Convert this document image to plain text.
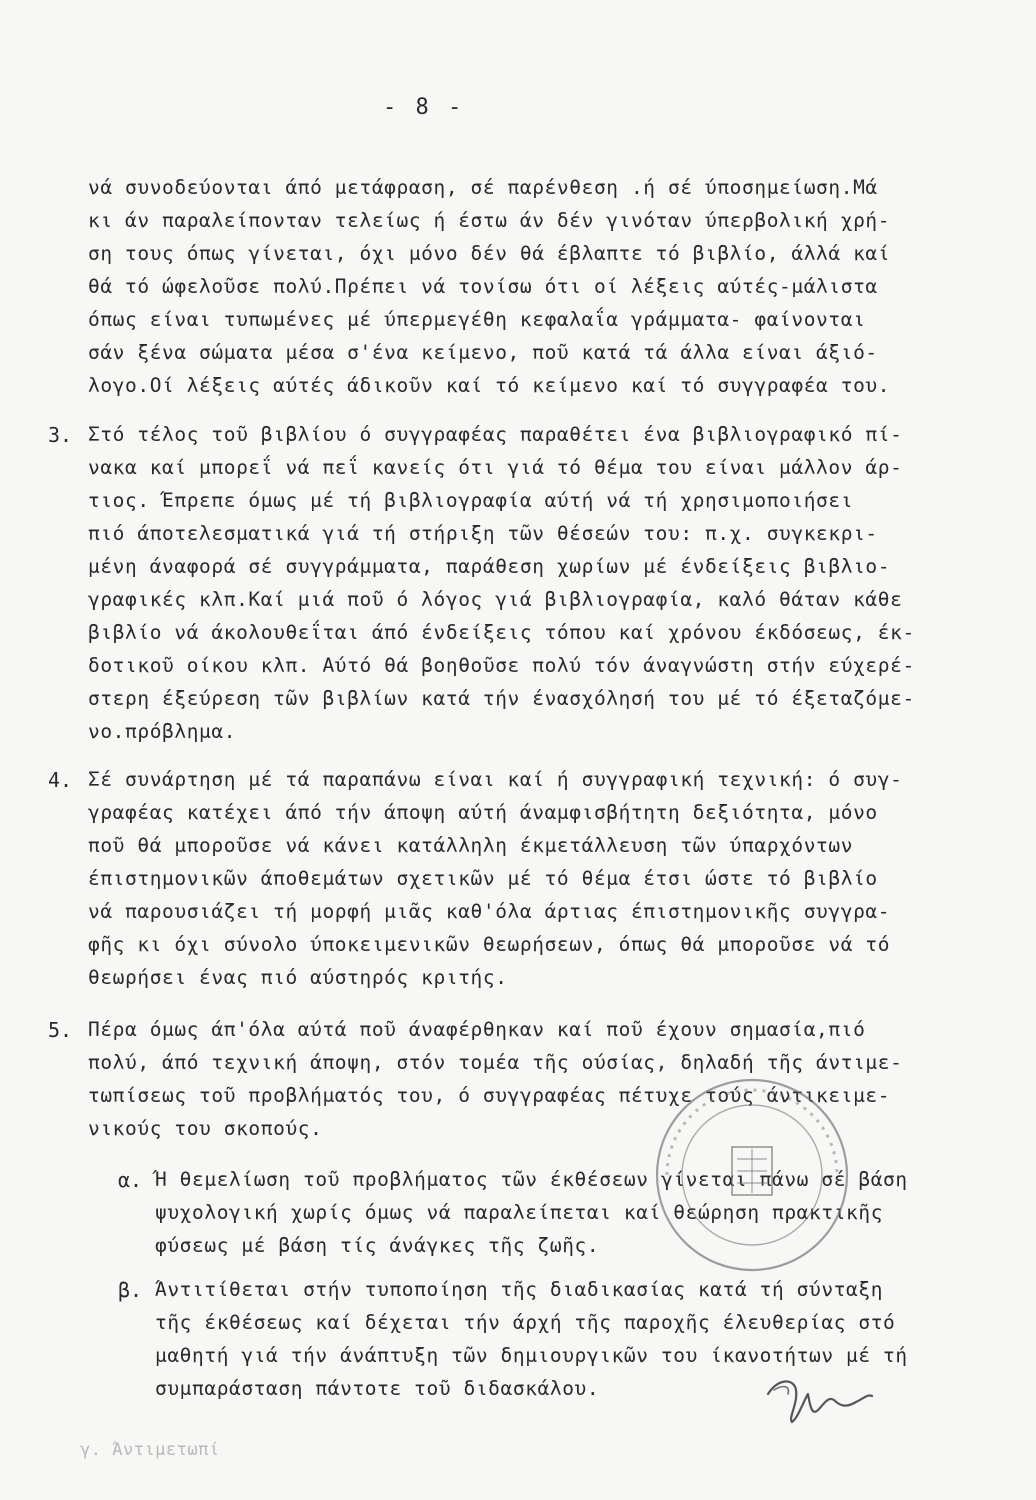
- 8 -
νά συνοδεύονται άπό μετάφραση, σέ παρένθεση .ή σέ ύποσημείωση.Μά
κι άν παραλείπονταν τελείως ή έστω άν δέν γινόταν ύπερβολική χρή-
ση τους όπως γίνεται, όχι μόνο δέν θά έβλαπτε τό βιβλίο, άλλά καί
θά τό ώφελοῦσε πολύ.Πρέπει νά τονίσω ότι οί λέξεις αύτές-μάλιστα
όπως είναι τυπωμένες μέ ύπερμεγέθη κεφαλαΐα γράμματα- φαίνονται
σάν ξένα σώματα μέσα σ'ένα κείμενο, ποῦ κατά τά άλλα είναι άξιό-
λογο.Οί λέξεις αύτές άδικοῦν καί τό κείμενο καί τό συγγραφέα του.
3. Στό τέλος τοῦ βιβλίου ό συγγραφέας παραθέτει ένα βιβλιογραφικό πί-
νακα καί μπορεΐ νά πεΐ κανείς ότι γιά τό θέμα του είναι μάλλον άρ-
τιος. Έπρεπε όμως μέ τή βιβλιογραφία αύτή νά τή χρησιμοποιήσει
πιό άποτελεσματικά γιά τή στήριξη τῶν θέσεών του: π.χ. συγκεκρι-
μένη άναφορά σέ συγγράμματα, παράθεση χωρίων μέ ένδείξεις βιβλιο-
γραφικές κλπ.Καί μιά ποῦ ό λόγος γιά βιβλιογραφία, καλό θάταν κάθε
βιβλίο νά άκολουθεΐται άπό ένδείξεις τόπου καί χρόνου έκδόσεως, έκ-
δοτικοῦ οίκου κλπ. Αύτό θά βοηθοῦσε πολύ τόν άναγνώστη στήν εύχερέ-
στερη έξεύρεση τῶν βιβλίων κατά τήν ένασχόλησή του μέ τό έξεταζόμε-
νο.πρόβλημα.
4. Σέ συνάρτηση μέ τά παραπάνω είναι καί ή συγγραφική τεχνική: ό συγ-
γραφέας κατέχει άπό τήν άποψη αύτή άναμφισβήτητη δεξιότητα, μόνο
ποῦ θά μποροῦσε νά κάνει κατάλληλη έκμετάλλευση τῶν ύπαρχόντων
έπιστημονικῶν άποθεμάτων σχετικῶν μέ τό θέμα έτσι ώστε τό βιβλίο
νά παρουσιάζει τή μορφή μιᾶς καθ'όλα άρτιας έπιστημονικῆς συγγρα-
φῆς κι όχι σύνολο ύποκειμενικῶν θεωρήσεων, όπως θά μποροῦσε νά τό
θεωρήσει ένας πιό αύστηρός κριτής.
5. Πέρα όμως άπ'όλα αύτά ποῦ άναφέρθηκαν καί ποῦ έχουν σημασία,πιό
πολύ, άπό τεχνική άποψη, στόν τομέα τῆς ούσίας, δηλαδή τῆς άντιμε-
τωπίσεως τοῦ προβλήματός του, ό συγγραφέας πέτυχε τούς άντικειμε-
νικούς του σκοπούς.
α. Ή θεμελίωση τοῦ προβλήματος τῶν έκθέσεων γίνεται πάνω σέ βάση
ψυχολογική χωρίς όμως νά παραλείπεται καί θεώρηση πρακτικῆς
φύσεως μέ βάση τίς άνάγκες τῆς ζωῆς.
β. Άντιτίθεται στήν τυποποίηση τῆς διαδικασίας κατά τή σύνταξη
τῆς έκθέσεως καί δέχεται τήν άρχή τῆς παροχῆς έλευθερίας στό
μαθητή γιά τήν άνάπτυξη τῶν δημιουργικῶν του ίκανοτήτων μέ τή
συμπαράσταση πάντοτε τοῦ διδασκάλου.
γ. Άντιμετωπί
